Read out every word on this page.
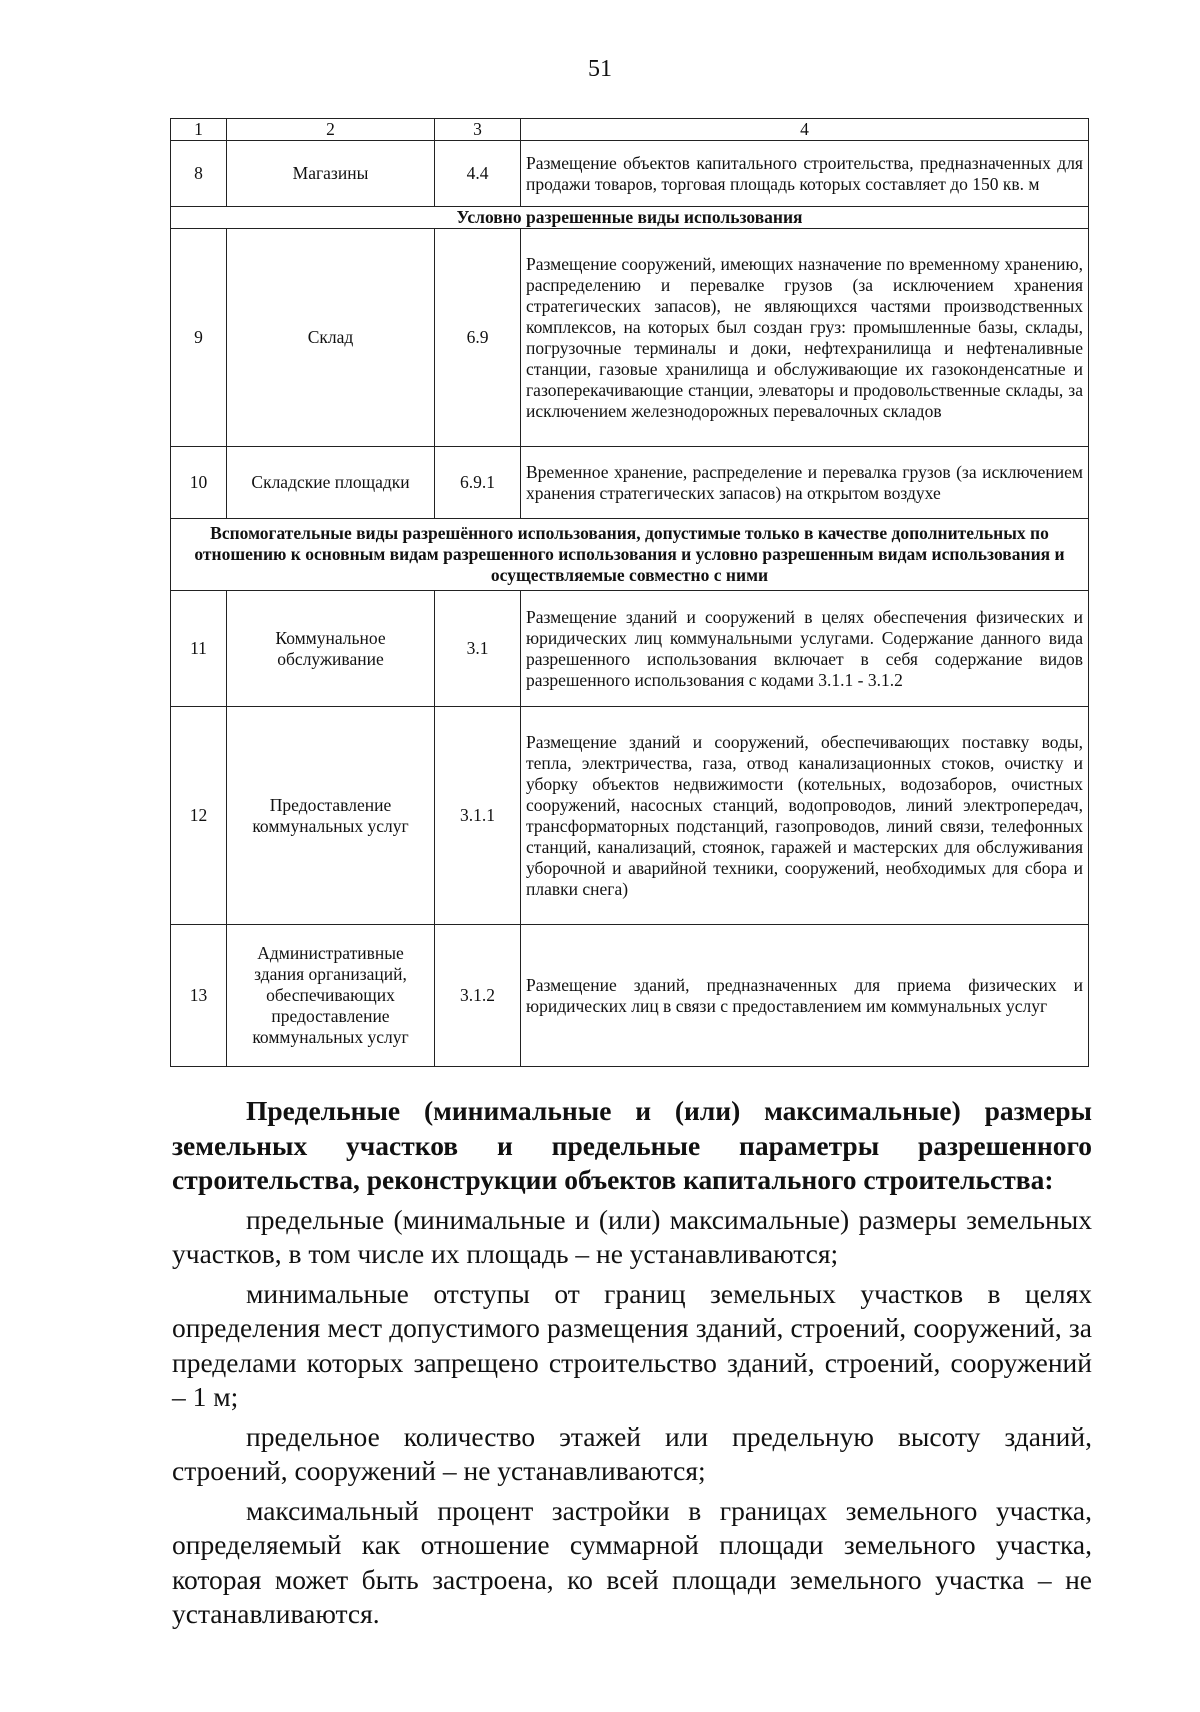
51
1	2	3	4
8	Магазины	4.4	Размещение объектов капитального строительства, предназначенных для продажи товаров, торговая площадь которых составляет до 150 кв. м
Условно разрешенные виды использования			
9	Склад	6.9	Размещение сооружений, имеющих назначение по временному хранению, распределению и перевалке грузов (за исключением хранения стратегических запасов), не являющихся частями производственных комплексов, на которых был создан груз: промышленные базы, склады, погрузочные терминалы и доки, нефтехранилища и нефтеналивные станции, газовые хранилища и обслуживающие их газоконденсатные и газоперекачивающие станции, элеваторы и продовольственные склады, за исключением железнодорожных перевалочных складов
10	Складские площадки	6.9.1	Временное хранение, распределение и перевалка грузов (за исключением хранения стратегических запасов) на открытом воздухе
Вспомогательные виды разрешённого использования, допустимые только в качестве дополнительных по отношению к основным видам разрешенного использования и условно разрешенным видам использования и осуществляемые совместно с ними			
11	Коммунальное обслуживание	3.1	Размещение зданий и сооружений в целях обеспечения физических и юридических лиц коммунальными услугами. Содержание данного вида разрешенного использования включает в себя содержание видов разрешенного использования с кодами 3.1.1 - 3.1.2
12	Предоставление коммунальных услуг	3.1.1	Размещение зданий и сооружений, обеспечивающих поставку воды, тепла, электричества, газа, отвод канализационных стоков, очистку и уборку объектов недвижимости (котельных, водозаборов, очистных сооружений, насосных станций, водопроводов, линий электропередач, трансформаторных подстанций, газопроводов, линий связи, телефонных станций, канализаций, стоянок, гаражей и мастерских для обслуживания уборочной и аварийной техники, сооружений, необходимых для сбора и плавки снега)
13	Административные здания организаций, обеспечивающих предоставление коммунальных услуг	3.1.2	Размещение зданий, предназначенных для приема физических и юридических лиц в связи с предоставлением им коммунальных услуг

Предельные (минимальные и (или) максимальные) размеры земельных участков и предельные параметры разрешенного строительства, реконструкции объектов капитального строительства:

предельные (минимальные и (или) максимальные) размеры земельных участков, в том числе их площадь – не устанавливаются;

минимальные отступы от границ земельных участков в целях определения мест допустимого размещения зданий, строений, сооружений, за пределами которых запрещено строительство зданий, строений, сооружений – 1 м;

предельное количество этажей или предельную высоту зданий, строений, сооружений – не устанавливаются;

максимальный процент застройки в границах земельного участка, определяемый как отношение суммарной площади земельного участка, которая может быть застроена, ко всей площади земельного участка – не устанавливаются.
